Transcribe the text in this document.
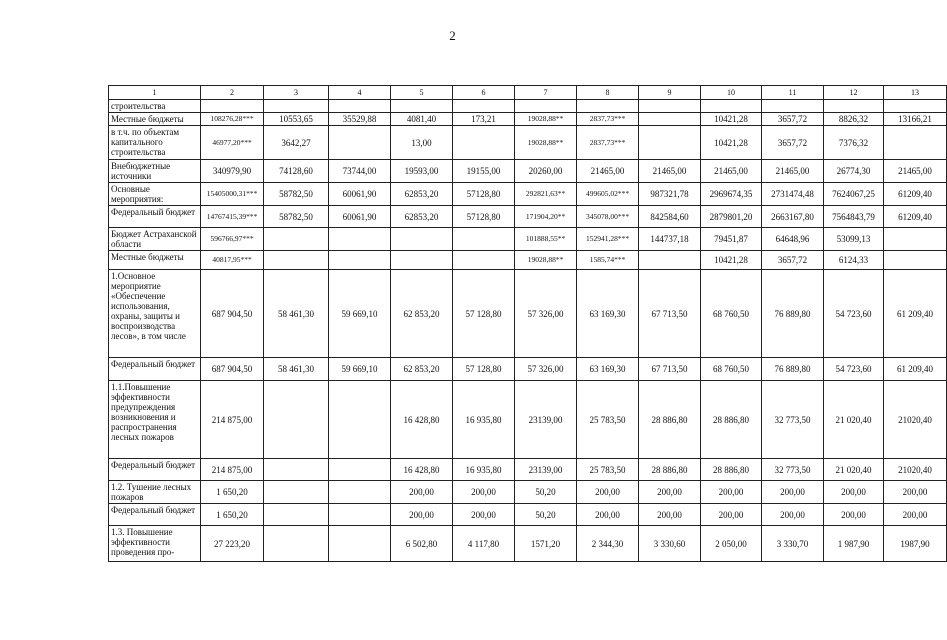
2
1	2	3	4	5	6	7	8	9	10	11	12	13
строительства												
Местные бюджеты	108276,28***	10553,65	35529,88	4081,40	173,21	19028,88**	2837,73***		10421,28	3657,72	8826,32	13166,21
в т.ч. по объектам капитального строительства	46977,20***	3642,27		13,00		19028,88**	2837,73***		10421,28	3657,72	7376,32	
Внебюджетные источники	340979,90	74128,60	73744,00	19593,00	19155,00	20260,00	21465,00	21465,00	21465,00	21465,00	26774,30	21465,00
Основные мероприятия:	15405000,31***	58782,50	60061,90	62853,20	57128,80	292821,63**	499605,02***	987321,78	2969674,35	2731474,48	7624067,25	61209,40
Федеральный бюджет	14767415,39***	58782,50	60061,90	62853,20	57128,80	171904,20**	345078,00***	842584,60	2879801,20	2663167,80	7564843,79	61209,40
Бюджет Астраханской области	596766,97***					101888,55**	152941,28***	144737,18	79451,87	64648,96	53099,13	
Местные бюджеты	40817,95***					19028,88**	1585,74***		10421,28	3657,72	6124,33	
1.Основное мероприятие «Обеспечение использования, охраны, защиты и воспроизводства лесов», в том числе	687 904,50	58 461,30	59 669,10	62 853,20	57 128,80	57 326,00	63 169,30	67 713,50	68 760,50	76 889,80	54 723,60	61 209,40
Федеральный бюджет	687 904,50	58 461,30	59 669,10	62 853,20	57 128,80	57 326,00	63 169,30	67 713,50	68 760,50	76 889,80	54 723,60	61 209,40
1.1.Повышение эффективности предупреждения возникновения и распространения лесных пожаров	214 875,00			16 428,80	16 935,80	23139,00	25 783,50	28 886,80	28 886,80	32 773,50	21 020,40	21020,40
Федеральный бюджет	214 875,00			16 428,80	16 935,80	23139,00	25 783,50	28 886,80	28 886,80	32 773,50	21 020,40	21020,40
1.2. Тушение лесных пожаров	1 650,20			200,00	200,00	50,20	200,00	200,00	200,00	200,00	200,00	200,00
Федеральный бюджет	1 650,20			200,00	200,00	50,20	200,00	200,00	200,00	200,00	200,00	200,00
1.3. Повышение эффективности проведения про-	27 223,20			6 502,80	4 117,80	1571,20	2 344,30	3 330,60	2 050,00	3 330,70	1 987,90	1987,90
